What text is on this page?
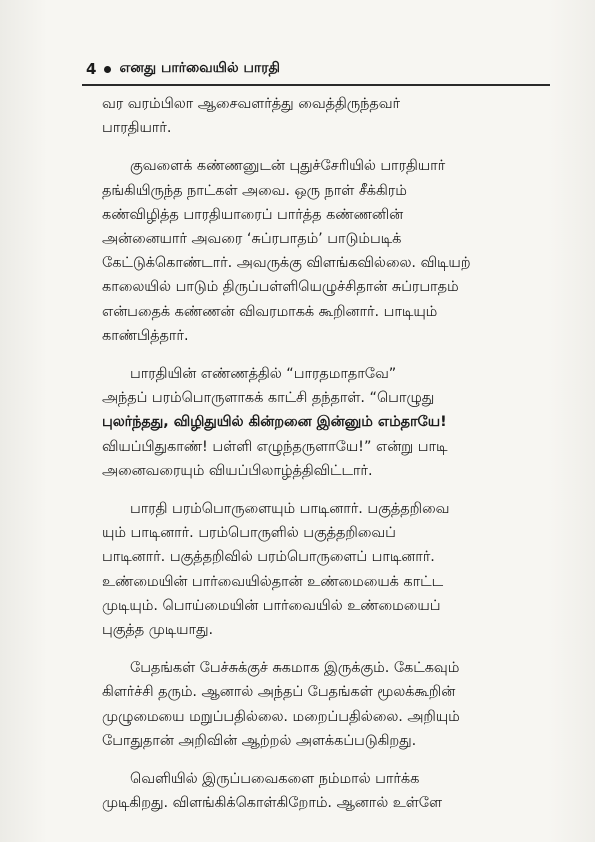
4 எனது பார்வையில் பாரதி
வர வரம்பிலா ஆசைவளர்த்து வைத்திருந்தவர்
பாரதியார்.
குவளைக் கண்ணனுடன் புதுச்சேரியில் பாரதியார்
தங்கியிருந்த நாட்கள் அவை. ஒரு நாள் சீக்கிரம்
கண்விழித்த பாரதியாரைப் பார்த்த கண்ணனின்
அன்னையார் அவரை ‘சுப்ரபாதம்’ பாடும்படிக்
கேட்டுக்கொண்டார். அவருக்கு விளங்கவில்லை. விடியற்
காலையில் பாடும் திருப்பள்ளியெழுச்சிதான் சுப்ரபாதம்
என்பதைக் கண்ணன் விவரமாகக் கூறினார். பாடியும்
காண்பித்தார்.
பாரதியின் எண்ணத்தில் “பாரதமாதாவே”
அந்தப் பரம்பொருளாகக் காட்சி தந்தாள். “பொழுது
புலர்ந்தது, விழிதுயில் கின்றனை இன்னும் எம்தாயே!
வியப்பிதுகாண்! பள்ளி எழுந்தருளாயே!” என்று பாடி
அனைவரையும் வியப்பிலாழ்த்திவிட்டார்.
பாரதி பரம்பொருளையும் பாடினார். பகுத்தறிவை
யும் பாடினார். பரம்பொருளில் பகுத்தறிவைப்
பாடினார். பகுத்தறிவில் பரம்பொருளைப் பாடினார்.
உண்மையின் பார்வையில்தான் உண்மையைக் காட்ட
முடியும். பொய்மையின் பார்வையில் உண்மையைப்
புகுத்த முடியாது.
பேதங்கள் பேச்சுக்குச் சுகமாக இருக்கும். கேட்கவும்
கிளர்ச்சி தரும். ஆனால் அந்தப் பேதங்கள் மூலக்கூறின்
முழுமையை மறுப்பதில்லை. மறைப்பதில்லை. அறியும்
போதுதான் அறிவின் ஆற்றல் அளக்கப்படுகிறது.
வெளியில் இருப்பவைகளை நம்மால் பார்க்க
முடிகிறது. விளங்கிக்கொள்கிறோம். ஆனால் உள்ளே
